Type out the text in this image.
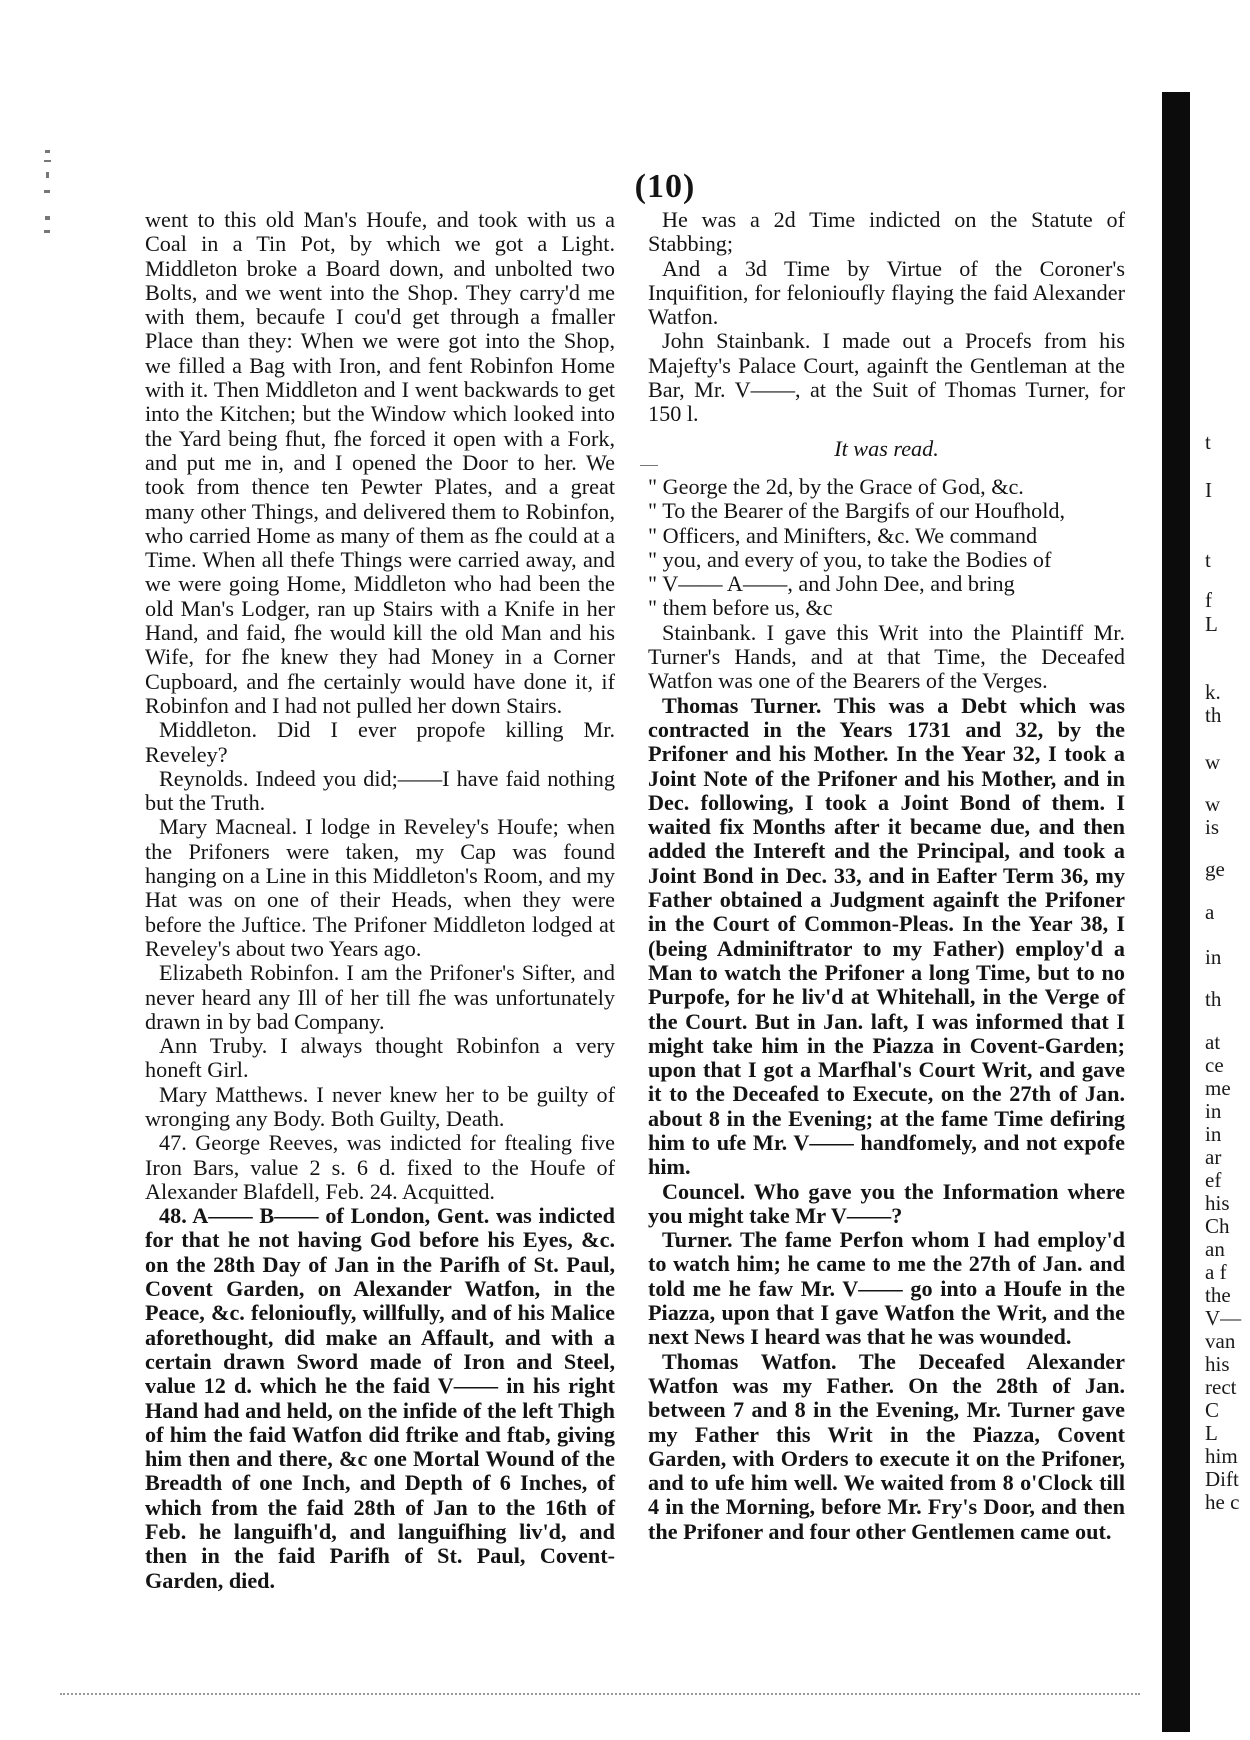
(10)

went to this old Man's Houfe, and took with us a Coal in a Tin Pot, by which we got a Light. Middleton broke a Board down, and unbolted two Bolts, and we went into the Shop. They carry'd me with them, becaufe I cou'd get through a fmaller Place than they: When we were got into the Shop, we filled a Bag with Iron, and fent Robinfon Home with it. Then Middleton and I went backwards to get into the Kitchen; but the Window which looked into the Yard being fhut, fhe forced it open with a Fork, and put me in, and I opened the Door to her. We took from thence ten Pewter Plates, and a great many other Things, and delivered them to Robinfon, who carried Home as many of them as fhe could at a Time. When all thefe Things were carried away, and we were going Home, Middleton who had been the old Man's Lodger, ran up Stairs with a Knife in her Hand, and faid, fhe would kill the old Man and his Wife, for fhe knew they had Money in a Corner Cupboard, and fhe certainly would have done it, if Robinfon and I had not pulled her down Stairs.

Middleton. Did I ever propofe killing Mr. Reveley?

Reynolds. Indeed you did;——I have faid nothing but the Truth.

Mary Macneal. I lodge in Reveley's Houfe; when the Prifoners were taken, my Cap was found hanging on a Line in this Middleton's Room, and my Hat was on one of their Heads, when they were before the Juftice. The Prifoner Middleton lodged at Reveley's about two Years ago.

Elizabeth Robinfon. I am the Prifoner's Sifter, and never heard any Ill of her till fhe was unfortunately drawn in by bad Company.

Ann Truby. I always thought Robinfon a very honeft Girl.

Mary Matthews. I never knew her to be guilty of wronging any Body. Both Guilty, Death.

47. George Reeves, was indicted for ftealing five Iron Bars, value 2 s. 6 d. fixed to the Houfe of Alexander Blafdell, Feb. 24. Acquitted.

48. A—— B—— of London, Gent. was indicted for that he not having God before his Eyes, &c. on the 28th Day of Jan in the Parifh of St. Paul, Covent Garden, on Alexander Watfon, in the Peace, &c. felonioufly, willfully, and of his Malice aforethought, did make an Affault, and with a certain drawn Sword made of Iron and Steel, value 12 d. which he the faid V—— in his right Hand had and held, on the infide of the left Thigh of him the faid Watfon did ftrike and ftab, giving him then and there, &c one Mortal Wound of the Breadth of one Inch, and Depth of 6 Inches, of which from the faid 28th of Jan to the 16th of Feb. he languifh'd, and languifhing liv'd, and then in the faid Parifh of St. Paul, Covent-Garden, died.

He was a 2d Time indicted on the Statute of Stabbing;

And a 3d Time by Virtue of the Coroner's Inquifition, for felonioufly flaying the faid Alexander Watfon.

John Stainbank. I made out a Procefs from his Majefty's Palace Court, againft the Gentleman at the Bar, Mr. V——, at the Suit of Thomas Turner, for 150 l.

It was read.

" George the 2d, by the Grace of God, &c.
" To the Bearer of the Bargifs of our Houfhold,
" Officers, and Minifters, &c. We command
" you, and every of you, to take the Bodies of
" V—— A——, and John Dee, and bring
" them before us, &c

Stainbank. I gave this Writ into the Plaintiff Mr. Turner's Hands, and at that Time, the Deceafed Watfon was one of the Bearers of the Verges.

Thomas Turner. This was a Debt which was contracted in the Years 1731 and 32, by the Prifoner and his Mother. In the Year 32, I took a Joint Note of the Prifoner and his Mother, and in Dec. following, I took a Joint Bond of them. I waited fix Months after it became due, and then added the Intereft and the Principal, and took a Joint Bond in Dec. 33, and in Eafter Term 36, my Father obtained a Judgment againft the Prifoner in the Court of Common-Pleas. In the Year 38, I (being Adminiftrator to my Father) employ'd a Man to watch the Prifoner a long Time, but to no Purpofe, for he liv'd at Whitehall, in the Verge of the Court. But in Jan. laft, I was informed that I might take him in the Piazza in Covent-Garden; upon that I got a Marfhal's Court Writ, and gave it to the Deceafed to Execute, on the 27th of Jan. about 8 in the Evening; at the fame Time defiring him to ufe Mr. V—— handfomely, and not expofe him.

Councel. Who gave you the Information where you might take Mr V——?

Turner. The fame Perfon whom I had employ'd to watch him; he came to me the 27th of Jan. and told me he faw Mr. V—— go into a Houfe in the Piazza, upon that I gave Watfon the Writ, and the next News I heard was that he was wounded.

Thomas Watfon. The Deceafed Alexander Watfon was my Father. On the 28th of Jan. between 7 and 8 in the Evening, Mr. Turner gave my Father this Writ in the Piazza, Covent Garden, with Orders to execute it on the Prifoner, and to ufe him well. We waited from 8 o'Clock till 4 in the Morning, before Mr. Fry's Door, and then the Prifoner and four other Gentlemen came out.

t
I
t
f
L
k.
th
w
w
is
ge
a
in
th
at
ce
me
in
in
ar
ef
his
Ch
an
a f
the
V—
van
his
rect
C
L
him
Dift
he c
